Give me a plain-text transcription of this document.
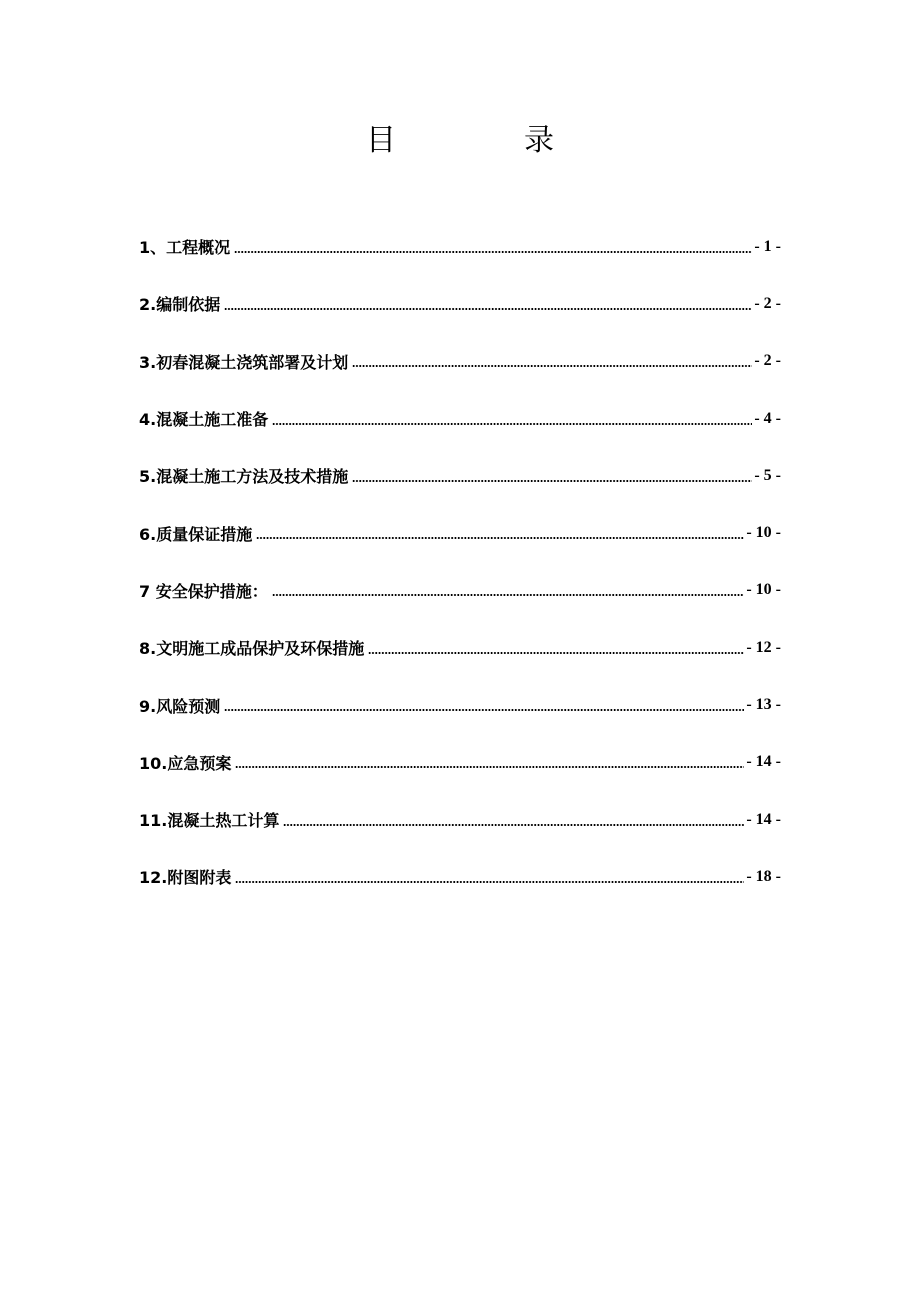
目	录
1、工程概况	- 1 -
2.编制依据	- 2 -
3.初春混凝土浇筑部署及计划	- 2 -
4.混凝土施工准备	- 4 -
5.混凝土施工方法及技术措施	- 5 -
6.质量保证措施	- 10 -
7 安全保护措施：	- 10 -
8.文明施工成品保护及环保措施	- 12 -
9.风险预测	- 13 -
10.应急预案	- 14 -
11.混凝土热工计算	- 14 -
12.附图附表	- 18 -
